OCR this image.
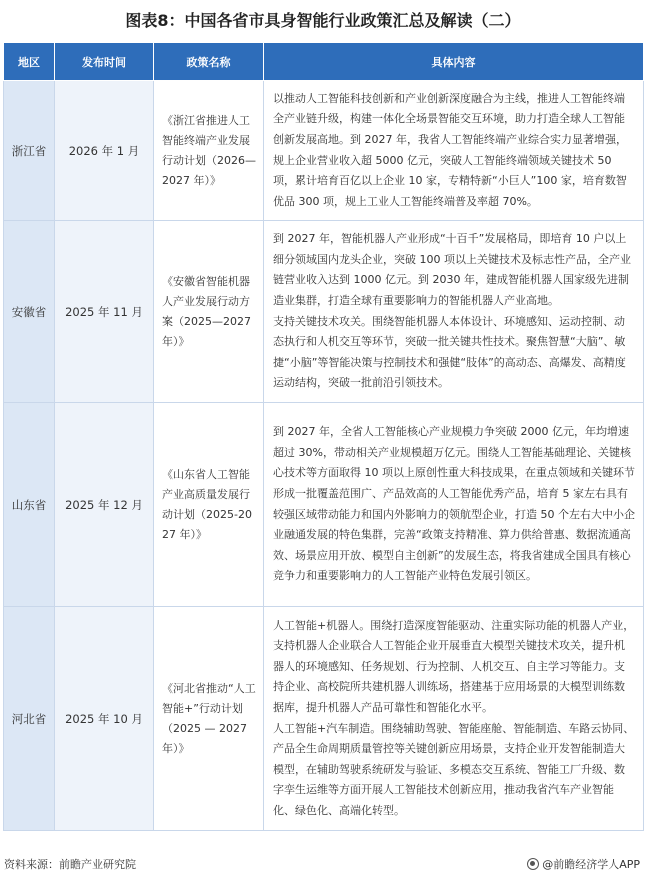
图表8：中国各省市具身智能行业政策汇总及解读（二）
地区	发布时间	政策名称	具体内容
浙江省	2026 年 1 月	《浙江省推进人工智能终端产业发展行动计划（2026—2027 年）》	以推动人工智能科技创新和产业创新深度融合为主线，推进人工智能终端全产业链升级，构建一体化全场景智能交互环境，助力打造全球人工智能创新发展高地。到 2027 年，我省人工智能终端产业综合实力显著增强，规上企业营业收入超 5000 亿元，突破人工智能终端领域关键技术 50 项，累计培育百亿以上企业 10 家，专精特新“小巨人”100 家，培育数智优品 300 项，规上工业人工智能终端普及率超 70%。

安徽省	2025 年 11 月	《安徽省智能机器人产业发展行动方案（2025—2027 年）》	到 2027 年，智能机器人产业形成“十百千”发展格局，即培育 10 户以上细分领域国内龙头企业，突破 100 项以上关键技术及标志性产品，全产业链营业收入达到 1000 亿元。到 2030 年，建成智能机器人国家级先进制造业集群，打造全球有重要影响力的智能机器人产业高地。
支持关键技术攻关。围绕智能机器人本体设计、环境感知、运动控制、动态执行和人机交互等环节，突破一批关键共性技术。聚焦智慧“大脑”、敏捷“小脑”等智能决策与控制技术和强健“肢体”的高动态、高爆发、高精度运动结构，突破一批前沿引领技术。

山东省	2025 年 12 月	《山东省人工智能产业高质量发展行动计划（2025-2027 年）》	到 2027 年，全省人工智能核心产业规模力争突破 2000 亿元，年均增速超过 30%，带动相关产业规模超万亿元。围绕人工智能基础理论、关键核心技术等方面取得 10 项以上原创性重大科技成果，在重点领域和关键环节形成一批覆盖范围广、产品效高的人工智能优秀产品，培育 5 家左右具有较强区域带动能力和国内外影响力的领航型企业，打造 50 个左右大中小企业融通发展的特色集群，完善“政策支持精准、算力供给普惠、数据流通高效、场景应用开放、模型自主创新”的发展生态，将我省建成全国具有核心竞争力和重要影响力的人工智能产业特色发展引领区。

河北省	2025 年 10 月	《河北省推动“人工智能+”行动计划（2025 — 2027 年）》	人工智能+机器人。围绕打造深度智能驱动、注重实际功能的机器人产业，支持机器人企业联合人工智能企业开展垂直大模型关键技术攻关，提升机器人的环境感知、任务规划、行为控制、人机交互、自主学习等能力。支持企业、高校院所共建机器人训练场，搭建基于应用场景的大模型训练数据库，提升机器人产品可靠性和智能化水平。
人工智能+汽车制造。围绕辅助驾驶、智能座舱、智能制造、车路云协同、产品全生命周期质量管控等关键创新应用场景，支持企业开发智能制造大模型，在辅助驾驶系统研发与验证、多模态交互系统、智能工厂升级、数字孪生运维等方面开展人工智能技术创新应用，推动我省汽车产业智能化、绿色化、高端化转型。
资料来源：前瞻产业研究院	@前瞻经济学人APP
